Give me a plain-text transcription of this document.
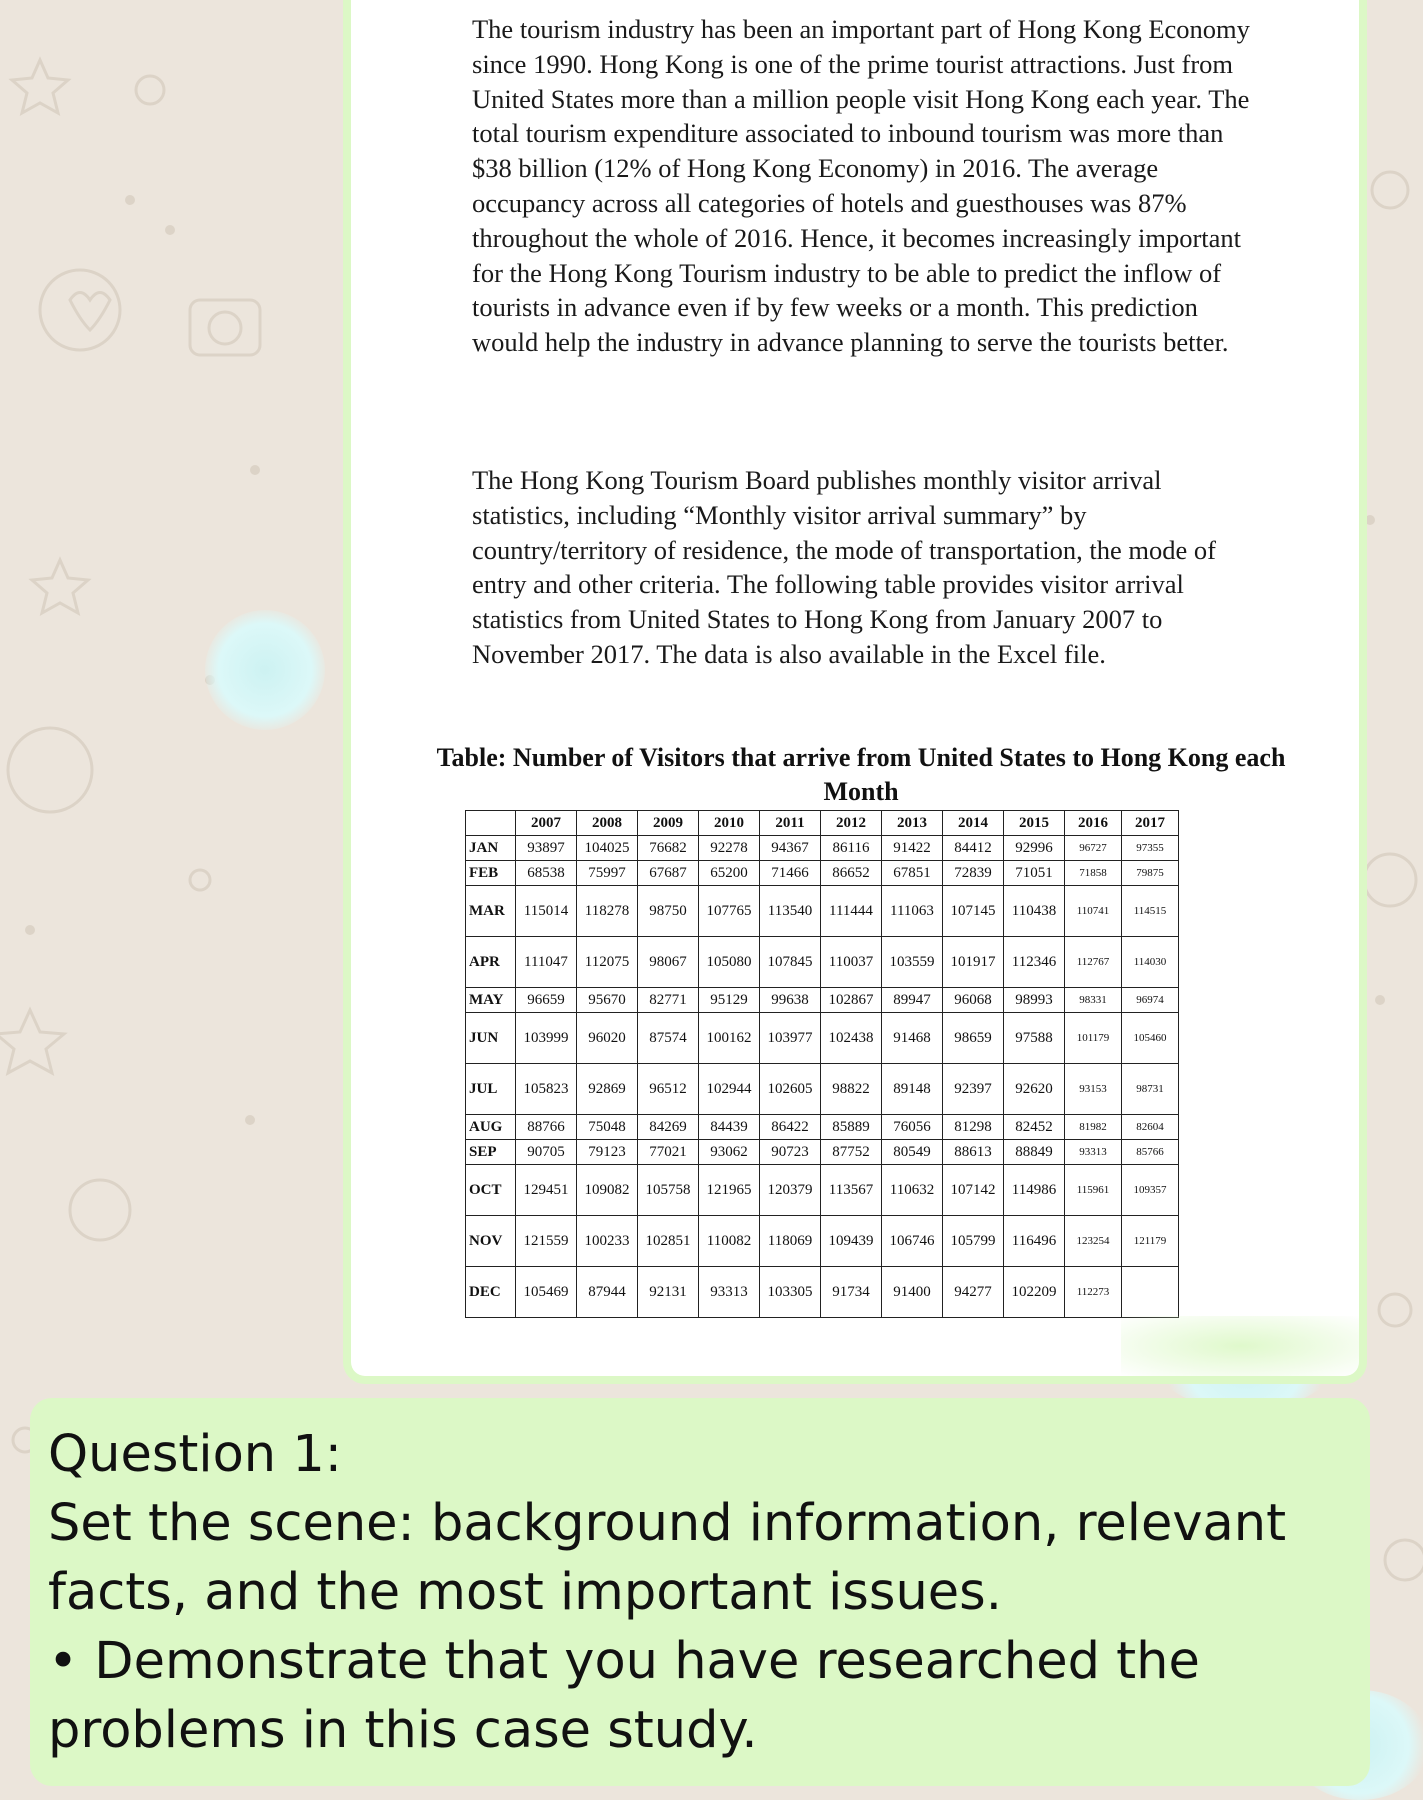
The tourism industry has been an important part of Hong Kong Economy since 1990. Hong Kong is one of the prime tourist attractions. Just from United States more than a million people visit Hong Kong each year. The total tourism expenditure associated to inbound tourism was more than $38 billion (12% of Hong Kong Economy) in 2016. The average occupancy across all categories of hotels and guesthouses was 87% throughout the whole of 2016. Hence, it becomes increasingly important for the Hong Kong Tourism industry to be able to predict the inflow of tourists in advance even if by few weeks or a month. This prediction would help the industry in advance planning to serve the tourists better.

The Hong Kong Tourism Board publishes monthly visitor arrival statistics, including “Monthly visitor arrival summary” by country/territory of residence, the mode of transportation, the mode of entry and other criteria. The following table provides visitor arrival statistics from United States to Hong Kong from January 2007 to November 2017. The data is also available in the Excel file.

Table: Number of Visitors that arrive from United States to Hong Kong each Month

	2007	2008	2009	2010	2011	2012	2013	2014	2015	2016	2017
JAN	93897	104025	76682	92278	94367	86116	91422	84412	92996	96727	97355
FEB	68538	75997	67687	65200	71466	86652	67851	72839	71051	71858	79875
MAR	115014	118278	98750	107765	113540	111444	111063	107145	110438	110741	114515
APR	111047	112075	98067	105080	107845	110037	103559	101917	112346	112767	114030
MAY	96659	95670	82771	95129	99638	102867	89947	96068	98993	98331	96974
JUN	103999	96020	87574	100162	103977	102438	91468	98659	97588	101179	105460
JUL	105823	92869	96512	102944	102605	98822	89148	92397	92620	93153	98731
AUG	88766	75048	84269	84439	86422	85889	76056	81298	82452	81982	82604
SEP	90705	79123	77021	93062	90723	87752	80549	88613	88849	93313	85766
OCT	129451	109082	105758	121965	120379	113567	110632	107142	114986	115961	109357
NOV	121559	100233	102851	110082	118069	109439	106746	105799	116496	123254	121179
DEC	105469	87944	92131	93313	103305	91734	91400	94277	102209	112273	

Question 1:

Set the scene: background information, relevant facts, and the most important issues.

• Demonstrate that you have researched the problems in this case study.
